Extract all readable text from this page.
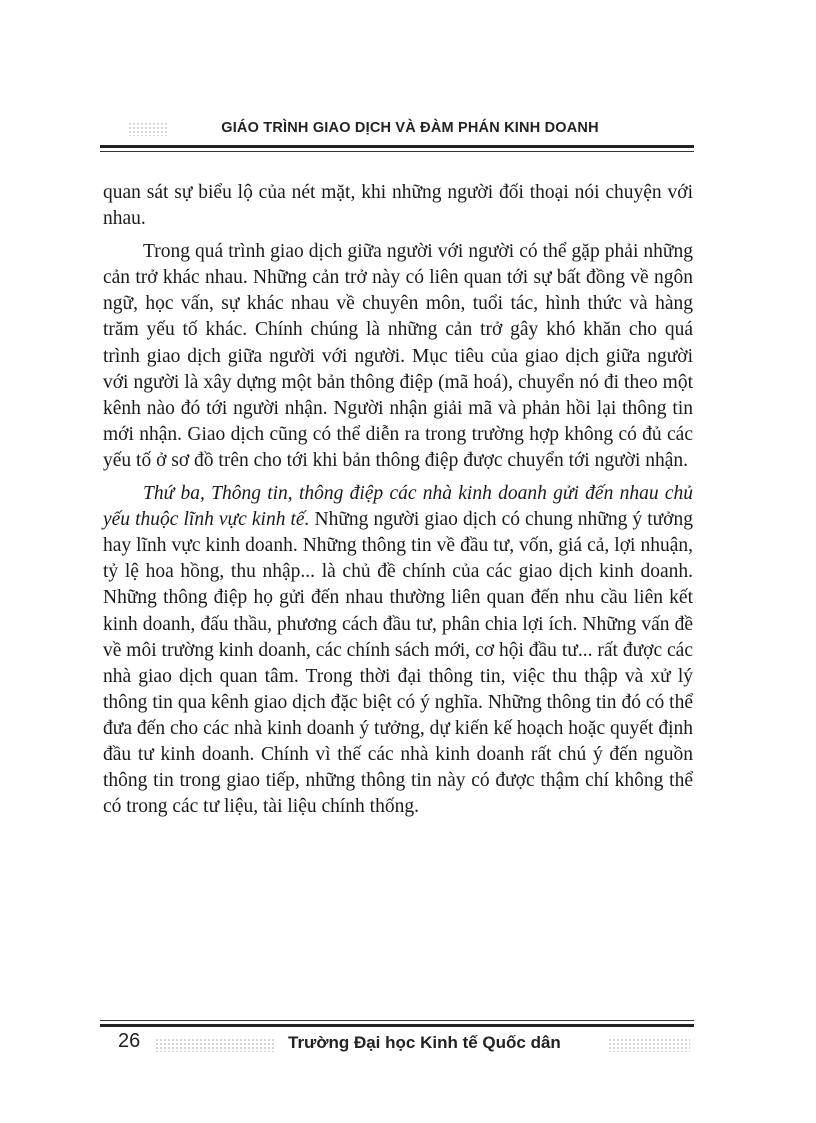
GIÁO TRÌNH GIAO DỊCH VÀ ĐÀM PHÁN KINH DOANH

quan sát sự biểu lộ của nét mặt, khi những người đối thoại nói chuyện với nhau.

Trong quá trình giao dịch giữa người với người có thể gặp phải những cản trở khác nhau. Những cản trở này có liên quan tới sự bất đồng về ngôn ngữ, học vấn, sự khác nhau về chuyên môn, tuổi tác, hình thức và hàng trăm yếu tố khác. Chính chúng là những cản trở gây khó khăn cho quá trình giao dịch giữa người với người. Mục tiêu của giao dịch giữa người với người là xây dựng một bản thông điệp (mã hoá), chuyển nó đi theo một kênh nào đó tới người nhận. Người nhận giải mã và phản hồi lại thông tin mới nhận. Giao dịch cũng có thể diễn ra trong trường hợp không có đủ các yếu tố ở sơ đồ trên cho tới khi bản thông điệp được chuyển tới người nhận.

Thứ ba, Thông tin, thông điệp các nhà kinh doanh gửi đến nhau chủ yếu thuộc lĩnh vực kinh tế. Những người giao dịch có chung những ý tưởng hay lĩnh vực kinh doanh. Những thông tin về đầu tư, vốn, giá cả, lợi nhuận, tỷ lệ hoa hồng, thu nhập... là chủ đề chính của các giao dịch kinh doanh. Những thông điệp họ gửi đến nhau thường liên quan đến nhu cầu liên kết kinh doanh, đấu thầu, phương cách đầu tư, phân chia lợi ích. Những vấn đề về môi trường kinh doanh, các chính sách mới, cơ hội đầu tư... rất được các nhà giao dịch quan tâm. Trong thời đại thông tin, việc thu thập và xử lý thông tin qua kênh giao dịch đặc biệt có ý nghĩa. Những thông tin đó có thể đưa đến cho các nhà kinh doanh ý tưởng, dự kiến kế hoạch hoặc quyết định đầu tư kinh doanh. Chính vì thế các nhà kinh doanh rất chú ý đến nguồn thông tin trong giao tiếp, những thông tin này có được thậm chí không thể có trong các tư liệu, tài liệu chính thống.

26	Trường Đại học Kinh tế Quốc dân
